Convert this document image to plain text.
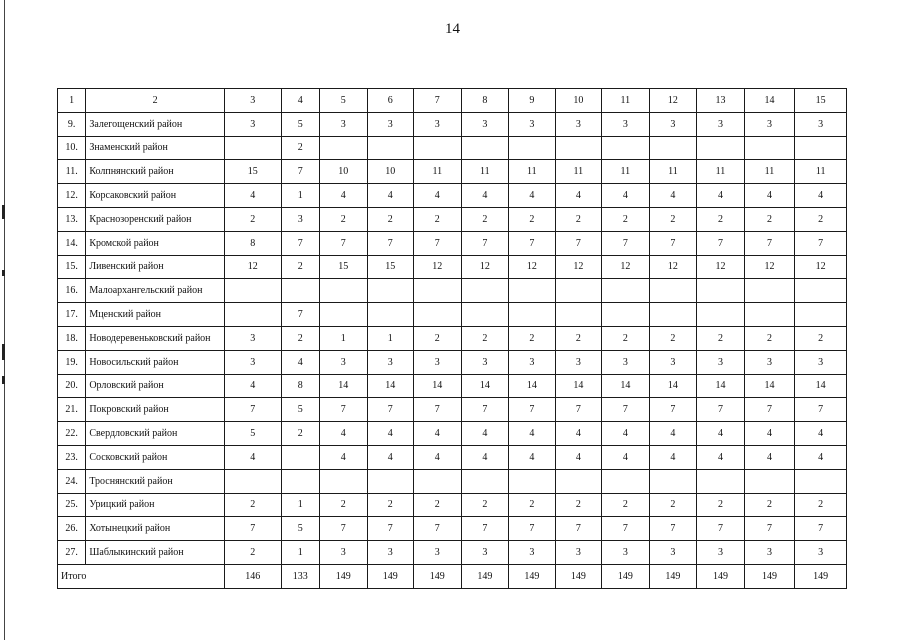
14
1	2	3	4	5	6	7	8	9	10	11	12	13	14	15
9.	Залегощенский район	3	5	3	3	3	3	3	3	3	3	3	3	3
10.	Знаменский район		2											
11.	Колпнянский район	15	7	10	10	11	11	11	11	11	11	11	11	11
12.	Корсаковский район	4	1	4	4	4	4	4	4	4	4	4	4	4
13.	Краснозоренский район	2	3	2	2	2	2	2	2	2	2	2	2	2
14.	Кромской район	8	7	7	7	7	7	7	7	7	7	7	7	7
15.	Ливенский район	12	2	15	15	12	12	12	12	12	12	12	12	12
16.	Малоархангельский район													
17.	Мценский район		7											
18.	Новодеревеньковский район	3	2	1	1	2	2	2	2	2	2	2	2	2
19.	Новосильский район	3	4	3	3	3	3	3	3	3	3	3	3	3
20.	Орловский район	4	8	14	14	14	14	14	14	14	14	14	14	14
21.	Покровский район	7	5	7	7	7	7	7	7	7	7	7	7	7
22.	Свердловский район	5	2	4	4	4	4	4	4	4	4	4	4	4
23.	Сосковский район	4		4	4	4	4	4	4	4	4	4	4	4
24.	Троснянский район													
25.	Урицкий район	2	1	2	2	2	2	2	2	2	2	2	2	2
26.	Хотынецкий район	7	5	7	7	7	7	7	7	7	7	7	7	7
27.	Шаблыкинский район	2	1	3	3	3	3	3	3	3	3	3	3	3
Итого		146	133	149	149	149	149	149	149	149	149	149	149	149
